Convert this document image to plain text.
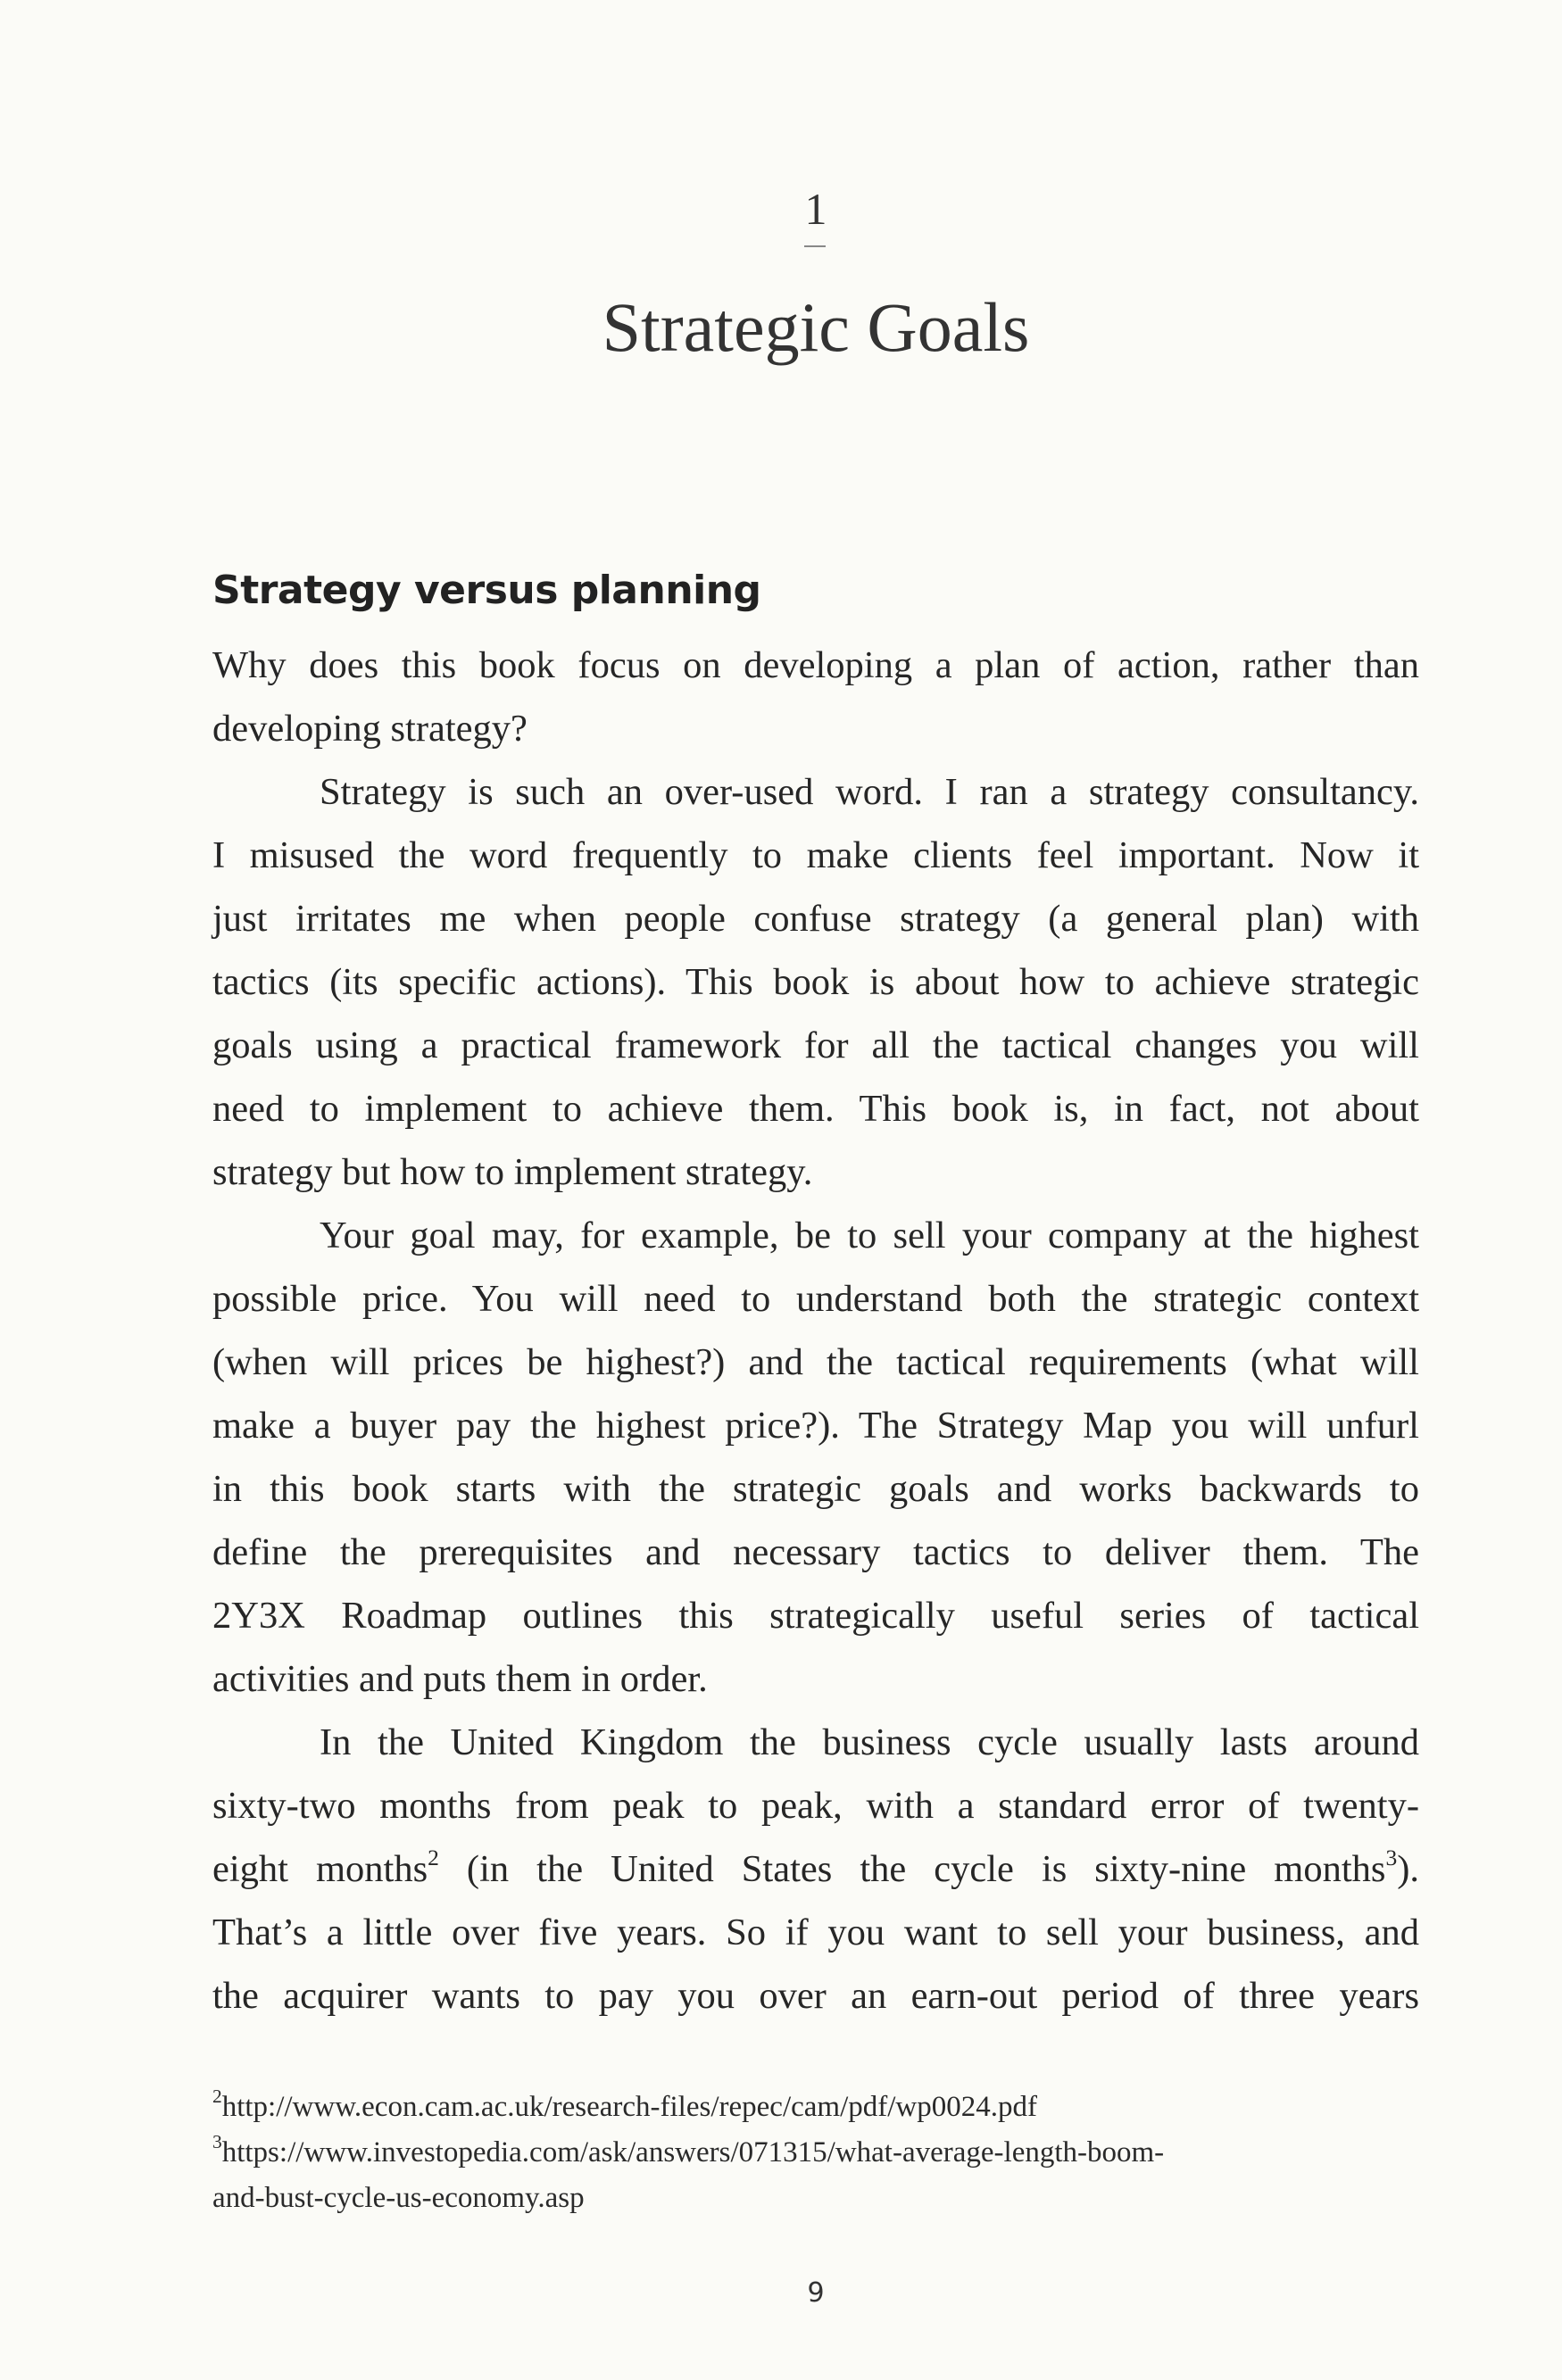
1
Strategic Goals
Strategy versus planning
Why does this book focus on developing a plan of action, rather than
developing strategy?
Strategy is such an over-used word. I ran a strategy consultancy.
I misused the word frequently to make clients feel important. Now it
just irritates me when people confuse strategy (a general plan) with
tactics (its specific actions). This book is about how to achieve strategic
goals using a practical framework for all the tactical changes you will
need to implement to achieve them. This book is, in fact, not about
strategy but how to implement strategy.
Your goal may, for example, be to sell your company at the highest
possible price. You will need to understand both the strategic context
(when will prices be highest?) and the tactical requirements (what will
make a buyer pay the highest price?). The Strategy Map you will unfurl
in this book starts with the strategic goals and works backwards to
define the prerequisites and necessary tactics to deliver them. The
2Y3X Roadmap outlines this strategically useful series of tactical
activities and puts them in order.
In the United Kingdom the business cycle usually lasts around
sixty-two months from peak to peak, with a standard error of twenty-
eight months$^2$ (in the United States the cycle is sixty-nine months$^3$).
That’s a little over five years. So if you want to sell your business, and
the acquirer wants to pay you over an earn-out period of three years
$^2$http://www.econ.cam.ac.uk/research-files/repec/cam/pdf/wp0024.pdf
$^3$https://www.investopedia.com/ask/answers/071315/what-average-length-boom-
and-bust-cycle-us-economy.asp
9
